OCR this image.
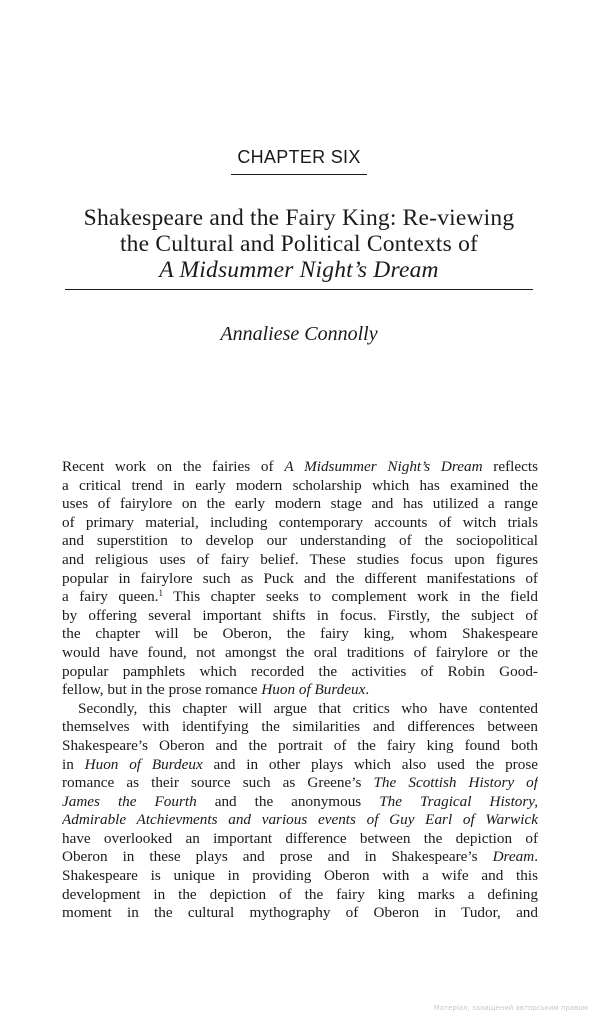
CHAPTER SIX
Shakespeare and the Fairy King: Re-viewing
the Cultural and Political Contexts of
A Midsummer Night’s Dream
Annaliese Connolly
Recent work on the fairies of A Midsummer Night’s Dream reflects
a critical trend in early modern scholarship which has examined the
uses of fairylore on the early modern stage and has utilized a range
of primary material, including contemporary accounts of witch trials
and superstition to develop our understanding of the sociopolitical
and religious uses of fairy belief. These studies focus upon figures
popular in fairylore such as Puck and the different manifestations of
a fairy queen.$^1$ This chapter seeks to complement work in the field
by offering several important shifts in focus. Firstly, the subject of
the chapter will be Oberon, the fairy king, whom Shakespeare
would have found, not amongst the oral traditions of fairylore or the
popular pamphlets which recorded the activities of Robin Good-
fellow, but in the prose romance Huon of Burdeux.
Secondly, this chapter will argue that critics who have contented
themselves with identifying the similarities and differences between
Shakespeare’s Oberon and the portrait of the fairy king found both
in Huon of Burdeux and in other plays which also used the prose
romance as their source such as Greene’s The Scottish History of
James the Fourth and the anonymous The Tragical History,
Admirable Atchievments and various events of Guy Earl of Warwick
have overlooked an important difference between the depiction of
Oberon in these plays and prose and in Shakespeare’s Dream.
Shakespeare is unique in providing Oberon with a wife and this
development in the depiction of the fairy king marks a defining
moment in the cultural mythography of Oberon in Tudor, and
Матеріал, захищений авторським правом
